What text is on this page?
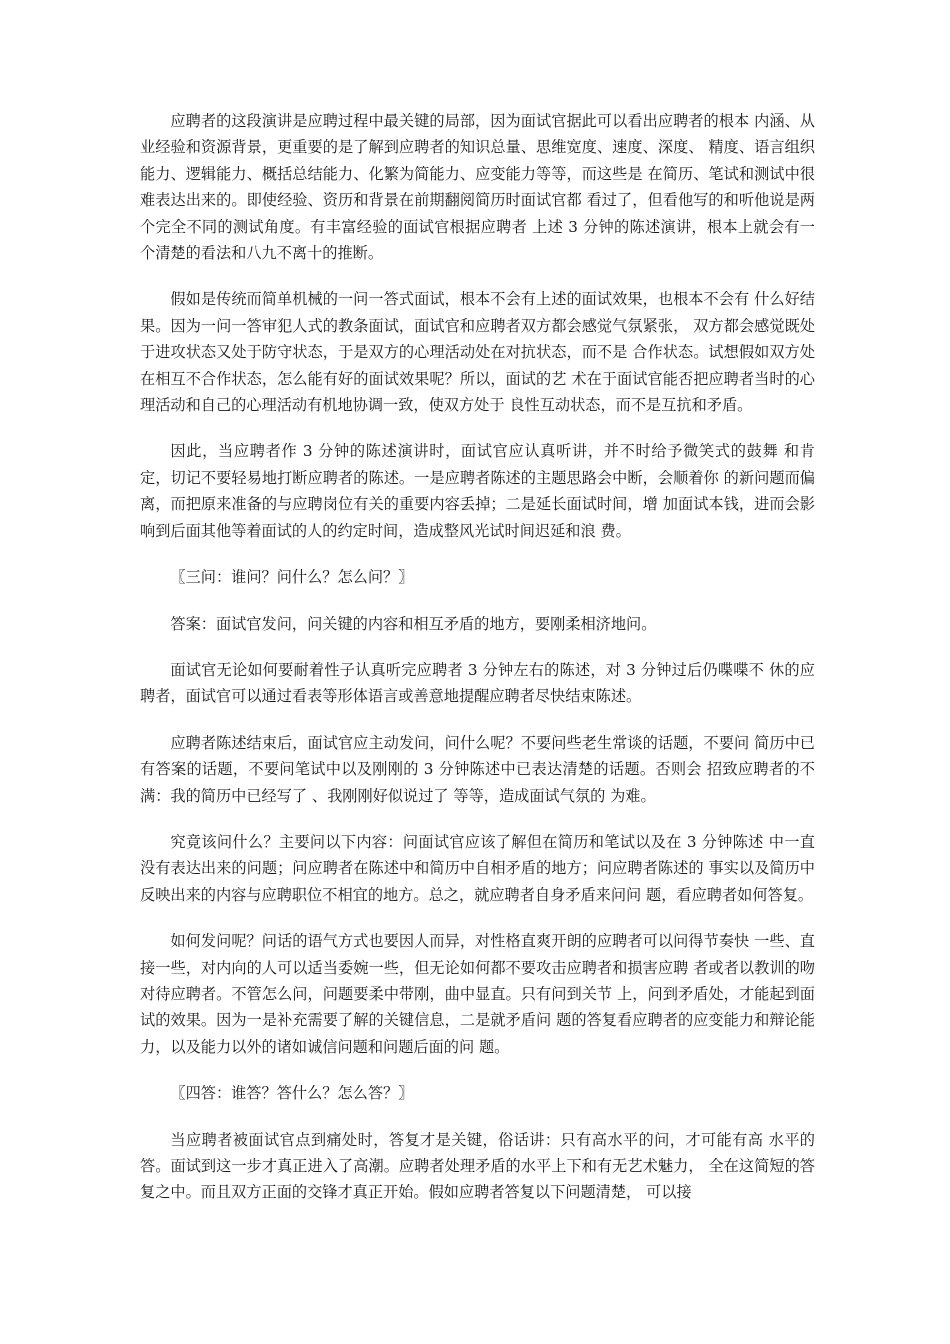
应聘者的这段演讲是应聘过程中最关键的局部，因为面试官据此可以看出应聘者的根本 内涵、从业经验和资源背景，更重要的是了解到应聘者的知识总量、思维宽度、速度、深度、 精度、语言组织能力、逻辑能力、概括总结能力、化繁为简能力、应变能力等等，而这些是 在简历、笔试和测试中很难表达出来的。即使经验、资历和背景在前期翻阅简历时面试官都 看过了，但看他写的和听他说是两个完全不同的测试角度。有丰富经验的面试官根据应聘者 上述 3 分钟的陈述演讲，根本上就会有一个清楚的看法和八九不离十的推断。

假如是传统而简单机械的一问一答式面试，根本不会有上述的面试效果，也根本不会有 什么好结果。因为一问一答审犯人式的教条面试，面试官和应聘者双方都会感觉气氛紧张， 双方都会感觉既处于进攻状态又处于防守状态，于是双方的心理活动处在对抗状态，而不是 合作状态。试想假如双方处在相互不合作状态，怎么能有好的面试效果呢？所以，面试的艺 术在于面试官能否把应聘者当时的心理活动和自己的心理活动有机地协调一致，使双方处于 良性互动状态，而不是互抗和矛盾。

因此，当应聘者作 3 分钟的陈述演讲时，面试官应认真听讲，并不时给予微笑式的鼓舞 和肯定，切记不要轻易地打断应聘者的陈述。一是应聘者陈述的主题思路会中断，会顺着你 的新问题而偏离，而把原来准备的与应聘岗位有关的重要内容丢掉；二是延长面试时间，增 加面试本钱，进而会影响到后面其他等着面试的人的约定时间，造成整风光试时间迟延和浪 费。

〖三问：谁问？问什么？怎么问？〗

答案：面试官发问，问关键的内容和相互矛盾的地方，要刚柔相济地问。

面试官无论如何要耐着性子认真听完应聘者 3 分钟左右的陈述，对 3 分钟过后仍喋喋不 休的应聘者，面试官可以通过看表等形体语言或善意地提醒应聘者尽快结束陈述。

应聘者陈述结束后，面试官应主动发问，问什么呢？不要问些老生常谈的话题，不要问 简历中已有答案的话题，不要问笔试中以及刚刚的 3 分钟陈述中已表达清楚的话题。否则会 招致应聘者的不满：我的简历中已经写了 、我刚刚好似说过了 等等，造成面试气氛的 为难。

究竟该问什么？主要问以下内容：问面试官应该了解但在简历和笔试以及在 3 分钟陈述 中一直没有表达出来的问题；问应聘者在陈述中和简历中自相矛盾的地方；问应聘者陈述的 事实以及简历中反映出来的内容与应聘职位不相宜的地方。总之，就应聘者自身矛盾来问问 题，看应聘者如何答复。

如何发问呢？问话的语气方式也要因人而异，对性格直爽开朗的应聘者可以问得节奏快 一些、直接一些，对内向的人可以适当委婉一些，但无论如何都不要攻击应聘者和损害应聘 者或者以教训的吻对待应聘者。不管怎么问，问题要柔中带刚，曲中显直。只有问到关节 上，问到矛盾处，才能起到面试的效果。因为一是补充需要了解的关键信息，二是就矛盾问 题的答复看应聘者的应变能力和辩论能力，以及能力以外的诸如诚信问题和问题后面的问 题。

〖四答：谁答？答什么？怎么答？〗

当应聘者被面试官点到痛处时，答复才是关键，俗话讲：只有高水平的问，才可能有高 水平的答。面试到这一步才真正进入了高潮。应聘者处理矛盾的水平上下和有无艺术魅力， 全在这简短的答复之中。而且双方正面的交锋才真正开始。假如应聘者答复以下问题清楚， 可以接
